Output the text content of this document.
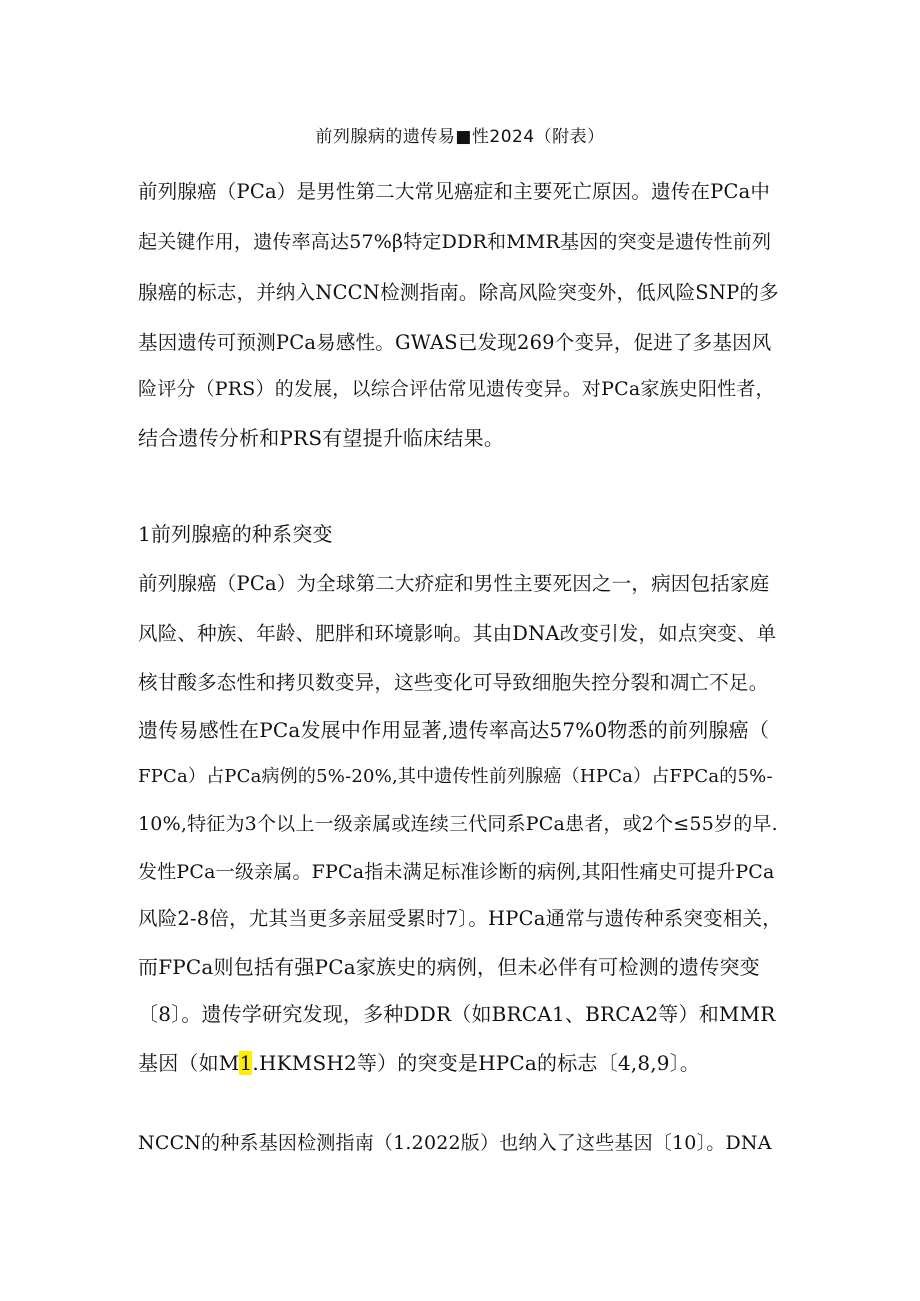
前列腺病的遗传易■性2024（附表）
前列腺癌（PCa）是男性第二大常见癌症和主要死亡原因。遗传在PCa中
起关键作用，遗传率高达57%β特定DDR和MMR基因的突变是遗传性前列
腺癌的标志，并纳入NCCN检测指南。除高风险突变外，低风险SNP的多
基因遗传可预测PCa易感性。GWAS已发现269个变异，促进了多基因风
险评分（PRS）的发展，以综合评估常见遗传变异。对PCa家族史阳性者，
结合遗传分析和PRS有望提升临床结果。
1前列腺癌的种系突变
前列腺癌（PCa）为全球第二大疥症和男性主要死因之一，病因包括家庭
风险、种族、年龄、肥胖和环境影响。其由DNA改变引发，如点突变、单
核甘酸多态性和拷贝数变异，这些变化可导致细胞失控分裂和凋亡不足。
遗传易感性在PCa发展中作用显著,遗传率高达57%0物悉的前列腺癌（
FPCa）占PCa病例的5%-20%,其中遗传性前列腺癌（HPCa）占FPCa的5%-
10%,特征为3个以上一级亲属或连续三代同系PCa患者，或2个≤55岁的早.
发性PCa一级亲属。FPCa指未满足标准诊断的病例,其阳性痛史可提升PCa
风险2-8倍，尤其当更多亲屈受累时7〕。HPCa通常与遗传种系突变相关，
而FPCa则包括有强PCa家族史的病例，但未必伴有可检测的遗传突变
〔8〕。遗传学研究发现，多种DDR（如BRCA1、BRCA2等）和MMR
基因（如M1.HKMSH2等）的突变是HPCa的标志〔4,8,9〕。
NCCN的种系基因检测指南（1.2022版）也纳入了这些基因〔10〕。DNA
